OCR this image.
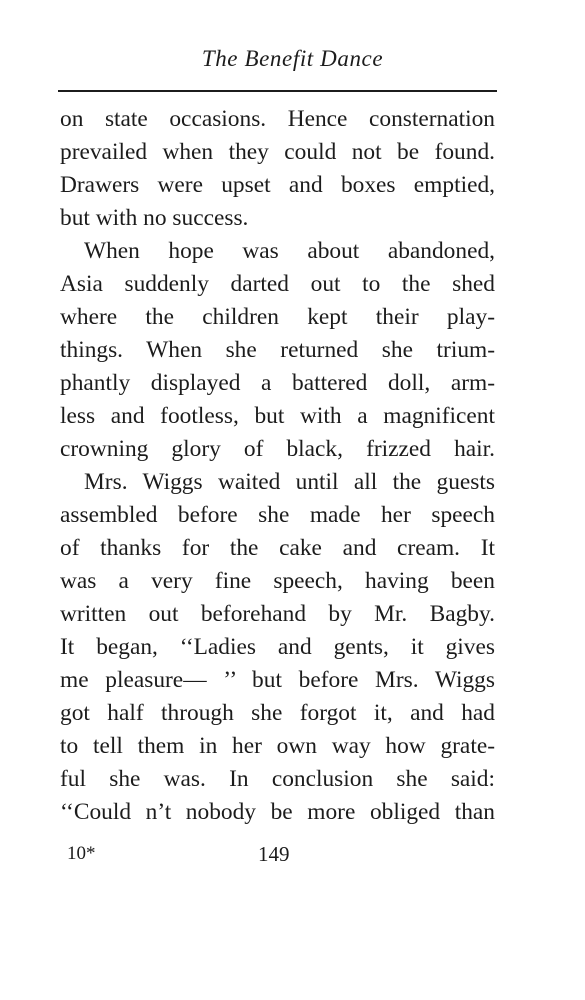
The Benefit Dance
on state occasions. Hence consternation
prevailed when they could not be found.
Drawers were upset and boxes emptied,
but with no success.
When hope was about abandoned,
Asia suddenly darted out to the shed
where the children kept their play-
things. When she returned she trium-
phantly displayed a battered doll, arm-
less and footless, but with a magnificent
crowning glory of black, frizzed hair.
Mrs. Wiggs waited until all the guests
assembled before she made her speech
of thanks for the cake and cream. It
was a very fine speech, having been
written out beforehand by Mr. Bagby.
It began, ‘‘Ladies and gents, it gives
me pleasure— ’’ but before Mrs. Wiggs
got half through she forgot it, and had
to tell them in her own way how grate-
ful she was. In conclusion she said:
‘‘Could n’t nobody be more obliged than
10*	149
